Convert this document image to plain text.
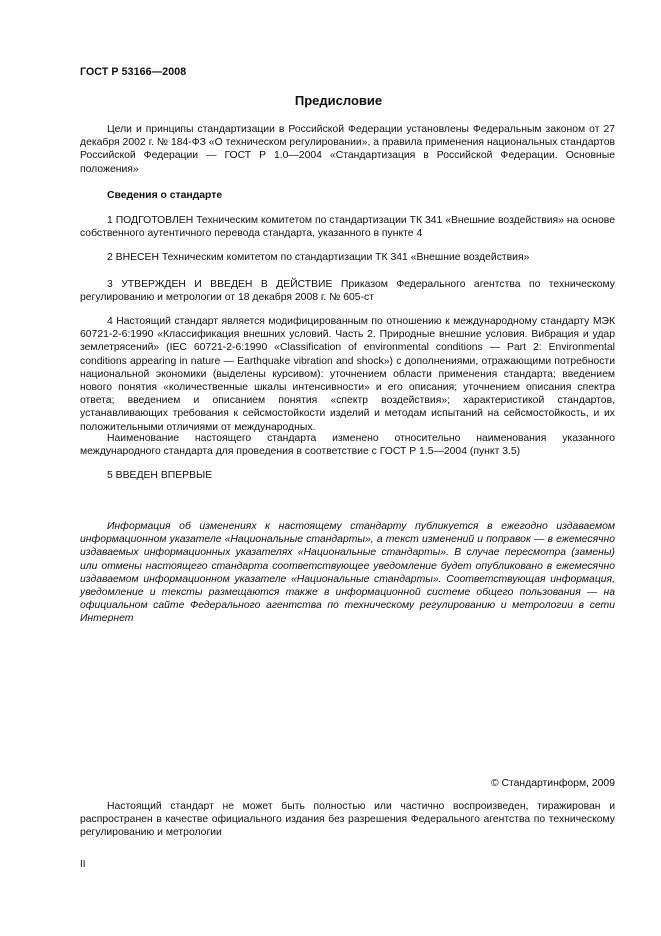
ГОСТ Р 53166—2008
Предисловие

Цели и принципы стандартизации в Российской Федерации установлены Федеральным законом от 27 декабря 2002 г. № 184-ФЗ «О техническом регулировании», а правила применения национальных стандартов Российской Федерации — ГОСТ Р 1.0—2004 «Стандартизация в Российской Федерации. Основные положения»

Сведения о стандарте

1 ПОДГОТОВЛЕН Техническим комитетом по стандартизации ТК 341 «Внешние воздействия» на основе собственного аутентичного перевода стандарта, указанного в пункте 4

2 ВНЕСЕН Техническим комитетом по стандартизации ТК 341 «Внешние воздействия»

3 УТВЕРЖДЕН И ВВЕДЕН В ДЕЙСТВИЕ Приказом Федерального агентства по техническому регулированию и метрологии от 18 декабря 2008 г. № 605-ст

4 Настоящий стандарт является модифицированным по отношению к международному стандарту МЭК 60721-2-6:1990 «Классификация внешних условий. Часть 2. Природные внешние условия. Вибрация и удар землетрясений» (IEC 60721-2-6:1990 «Classification of environmental conditions — Part 2: Environmental conditions appearing in nature — Earthquake vibration and shock») с дополнениями, отражающими потребности национальной экономики (выделены курсивом): уточнением области применения стандарта; введением нового понятия «количественные шкалы интенсивности» и его описания; уточнением описания спектра ответа; введением и описанием понятия «спектр воздействия»; характеристикой стандартов, устанавливающих требования к сейсмостойкости изделий и методам испытаний на сейсмостойкость, и их положительными отличиями от международных.

Наименование настоящего стандарта изменено относительно наименования указанного международного стандарта для проведения в соответствие с ГОСТ Р 1.5—2004 (пункт 3.5)

5 ВВЕДЕН ВПЕРВЫЕ

Информация об изменениях к настоящему стандарту публикуется в ежегодно издаваемом информационном указателе «Национальные стандарты», а текст изменений и поправок — в ежемесячно издаваемых информационных указателях «Национальные стандарты». В случае пересмотра (замены) или отмены настоящего стандарта соответствующее уведомление будет опубликовано в ежемесячно издаваемом информационном указателе «Национальные стандарты». Соответствующая информация, уведомление и тексты размещаются также в информационной системе общего пользования — на официальном сайте Федерального агентства по техническому регулированию и метрологии в сети Интернет

© Стандартинформ, 2009

Настоящий стандарт не может быть полностью или частично воспроизведен, тиражирован и распространен в качестве официального издания без разрешения Федерального агентства по техническому регулированию и метрологии

II
